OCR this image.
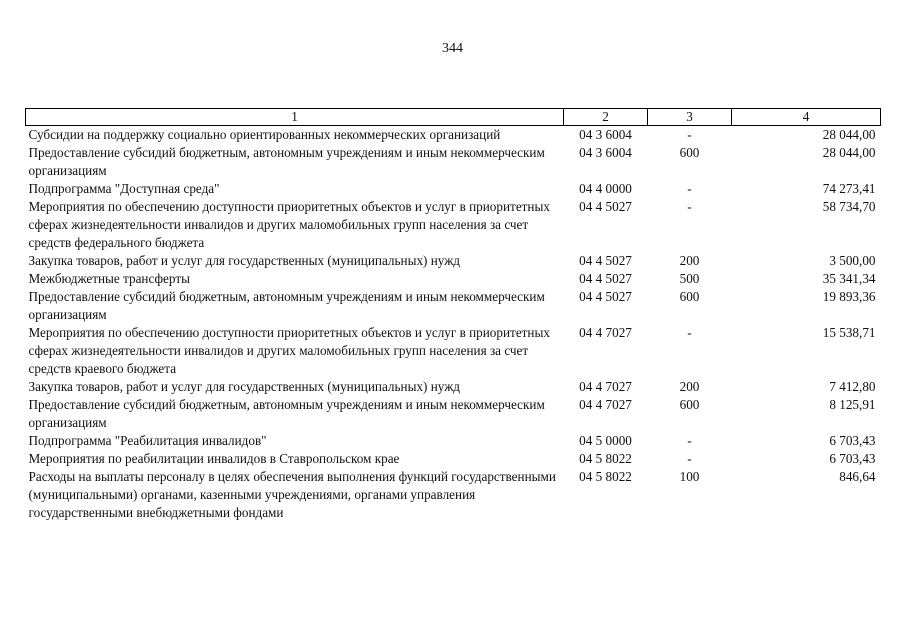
344
1	2	3	4
Субсидии на поддержку социально ориентированных некоммерческих организаций	04 3 6004	-	28 044,00
Предоставление субсидий бюджетным, автономным учреждениям и иным некоммерческим организациям	04 3 6004	600	28 044,00
Подпрограмма "Доступная среда"	04 4 0000	-	74 273,41
Мероприятия по обеспечению доступности приоритетных объектов и услуг в приоритетных сферах жизнедеятельности инвалидов и других маломобильных групп населения за счет средств федерального бюджета	04 4 5027	-	58 734,70
Закупка товаров, работ и услуг для государственных (муниципальных) нужд	04 4 5027	200	3 500,00
Межбюджетные трансферты	04 4 5027	500	35 341,34
Предоставление субсидий бюджетным, автономным учреждениям и иным некоммерческим организациям	04 4 5027	600	19 893,36
Мероприятия по обеспечению доступности приоритетных объектов и услуг в приоритетных сферах жизнедеятельности инвалидов и других маломобильных групп населения за счет средств краевого бюджета	04 4 7027	-	15 538,71
Закупка товаров, работ и услуг для государственных (муниципальных) нужд	04 4 7027	200	7 412,80
Предоставление субсидий бюджетным, автономным учреждениям и иным некоммерческим организациям	04 4 7027	600	8 125,91
Подпрограмма "Реабилитация инвалидов"	04 5 0000	-	6 703,43
Мероприятия по реабилитации инвалидов в Ставропольском крае	04 5 8022	-	6 703,43
Расходы на выплаты персоналу в целях обеспечения выполнения функций государственными (муниципальными) органами, казенными учреждениями, органами управления государственными внебюджетными фондами	04 5 8022	100	846,64
